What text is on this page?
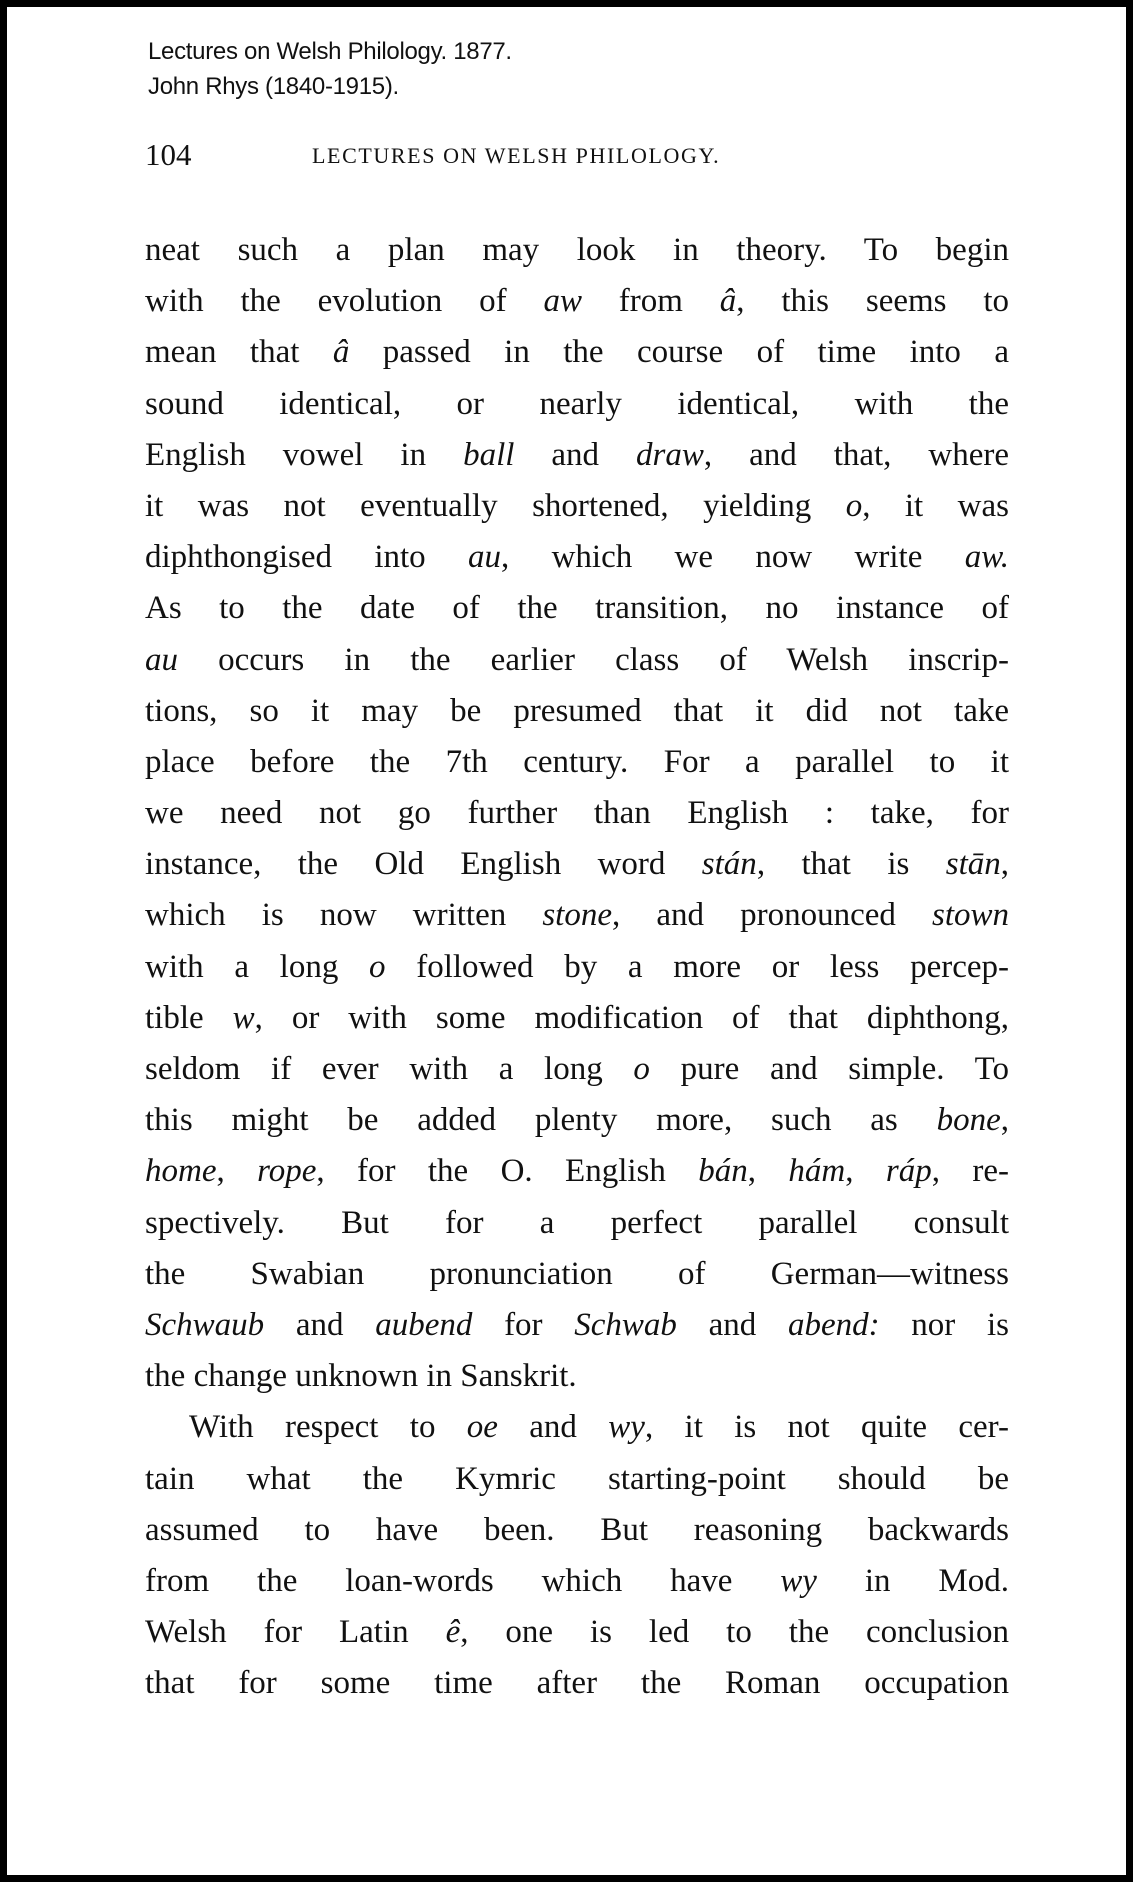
Lectures on Welsh Philology. 1877.
John Rhys (1840-1915).
104	LECTURES ON WELSH PHILOLOGY.
neat such a plan may look in theory. To begin
with the evolution of aw from â, this seems to
mean that â passed in the course of time into a
sound identical, or nearly identical, with the
English vowel in ball and draw, and that, where
it was not eventually shortened, yielding o, it was
diphthongised into au, which we now write aw.
As to the date of the transition, no instance of
au occurs in the earlier class of Welsh inscrip-
tions, so it may be presumed that it did not take
place before the 7th century. For a parallel to it
we need not go further than English : take, for
instance, the Old English word stán, that is stān,
which is now written stone, and pronounced stown
with a long o followed by a more or less percep-
tible w, or with some modification of that diphthong,
seldom if ever with a long o pure and simple. To
this might be added plenty more, such as bone,
home, rope, for the O. English bán, hám, ráp, re-
spectively. But for a perfect parallel consult
the Swabian pronunciation of German—witness
Schwaub and aubend for Schwab and abend: nor is
the change unknown in Sanskrit.
With respect to oe and wy, it is not quite cer-
tain what the Kymric starting-point should be
assumed to have been. But reasoning backwards
from the loan-words which have wy in Mod.
Welsh for Latin ê, one is led to the conclusion
that for some time after the Roman occupation
